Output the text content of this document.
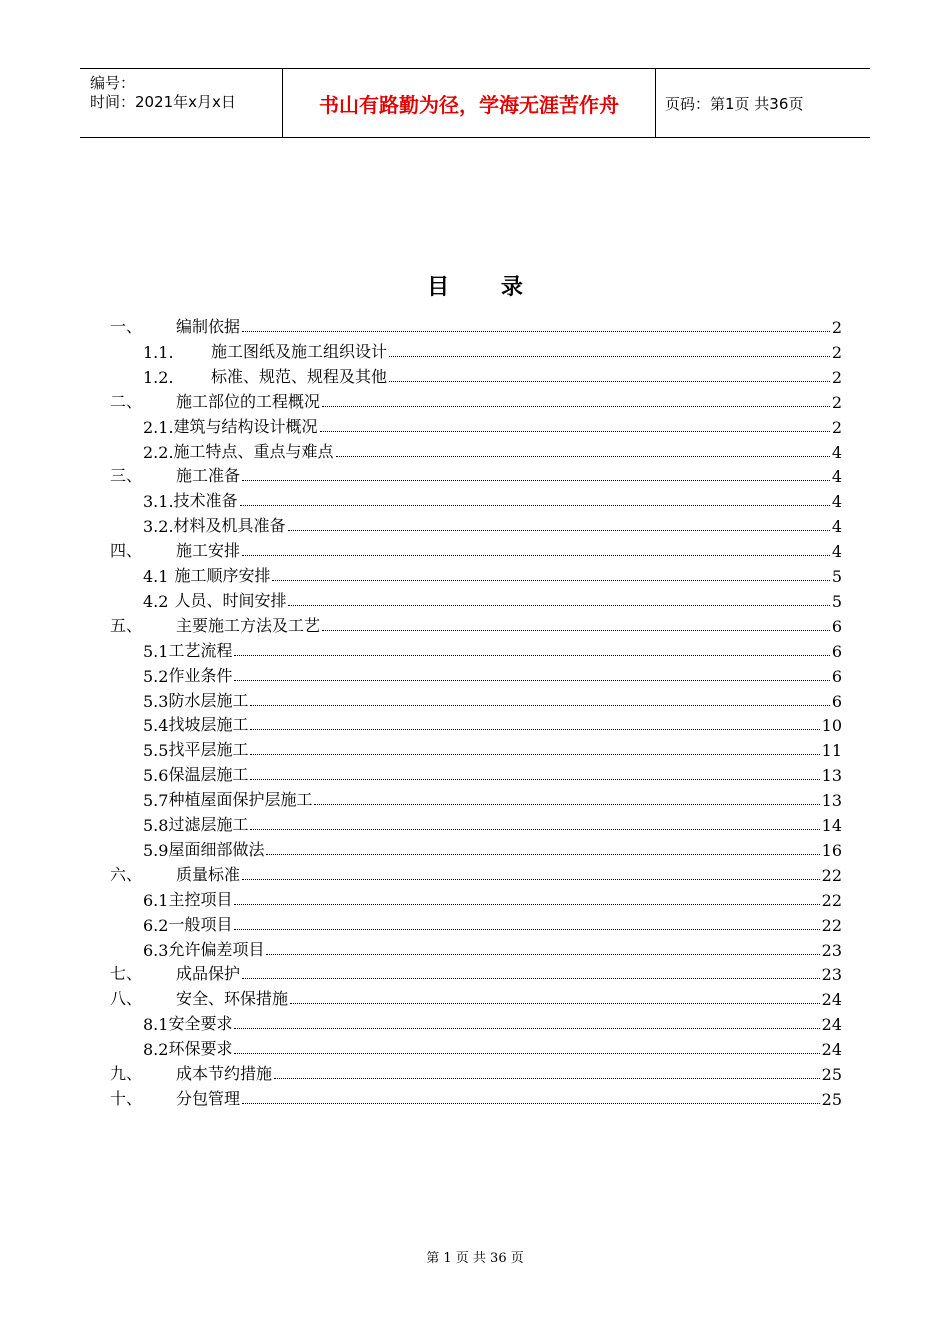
编号：
时间：2021年x月x日	书山有路勤为径，学海无涯苦作舟	页码：第1页 共36页
目 录
一、	编制依据	2
1.1.	施工图纸及施工组织设计	2
1.2.	标准、规范、规程及其他	2
二、	施工部位的工程概况	2
2.1. 建筑与结构设计概况	2
2.2. 施工特点、重点与难点	4
三、	施工准备	4
3.1. 技术准备	4
3.2. 材料及机具准备	4
四、	施工安排	4
4.1 施工顺序安排	5
4.2 人员、时间安排	5
五、	主要施工方法及工艺	6
5.1 工艺流程	6
5.2 作业条件	6
5.3 防水层施工	6
5.4 找坡层施工	10
5.5 找平层施工	11
5.6 保温层施工	13
5.7 种植屋面保护层施工	13
5.8 过滤层施工	14
5.9 屋面细部做法	16
六、	质量标准	22
6.1 主控项目	22
6.2 一般项目	22
6.3 允许偏差项目	23
七、	成品保护	23
八、	安全、环保措施	24
8.1 安全要求	24
8.2 环保要求	24
九、	成本节约措施	25
十、	分包管理	25
第 1 页 共 36 页
